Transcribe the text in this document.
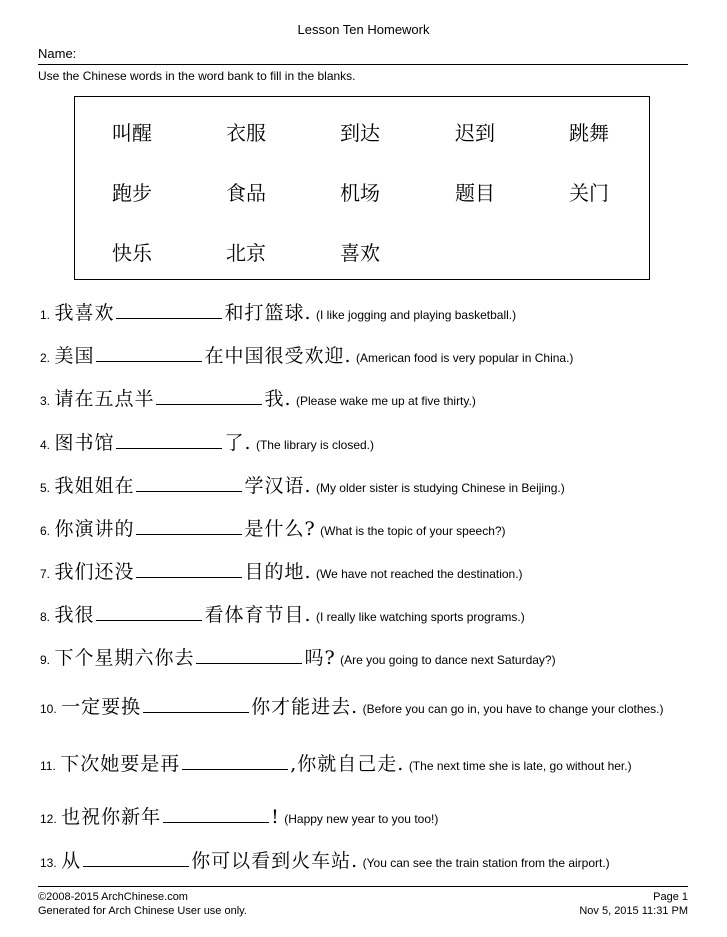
Lesson Ten Homework
Name:
Use the Chinese words in the word bank to fill in the blanks.
叫醒	衣服	到达	迟到	跳舞
跑步	食品	机场	题目	关门
快乐	北京	喜欢
1. 我喜欢	和打篮球. (I like jogging and playing basketball.)
2. 美国	在中国很受欢迎. (American food is very popular in China.)
3. 请在五点半	我. (Please wake me up at five thirty.)
4. 图书馆	了. (The library is closed.)
5. 我姐姐在	学汉语. (My older sister is studying Chinese in Beijing.)
6. 你演讲的	是什么? (What is the topic of your speech?)
7. 我们还没	目的地. (We have not reached the destination.)
8. 我很	看体育节目. (I really like watching sports programs.)
9. 下个星期六你去	吗? (Are you going to dance next Saturday?)
10. 一定要换	你才能进去. (Before you can go in, you have to change your clothes.)
11. 下次她要是再	,你就自己走. (The next time she is late, go without her.)
12. 也祝你新年	! (Happy new year to you too!)
13. 从	你可以看到火车站. (You can see the train station from the airport.)
©2008-2015 ArchChinese.com
Generated for Arch Chinese User use only.
Page 1
Nov 5, 2015 11:31 PM
